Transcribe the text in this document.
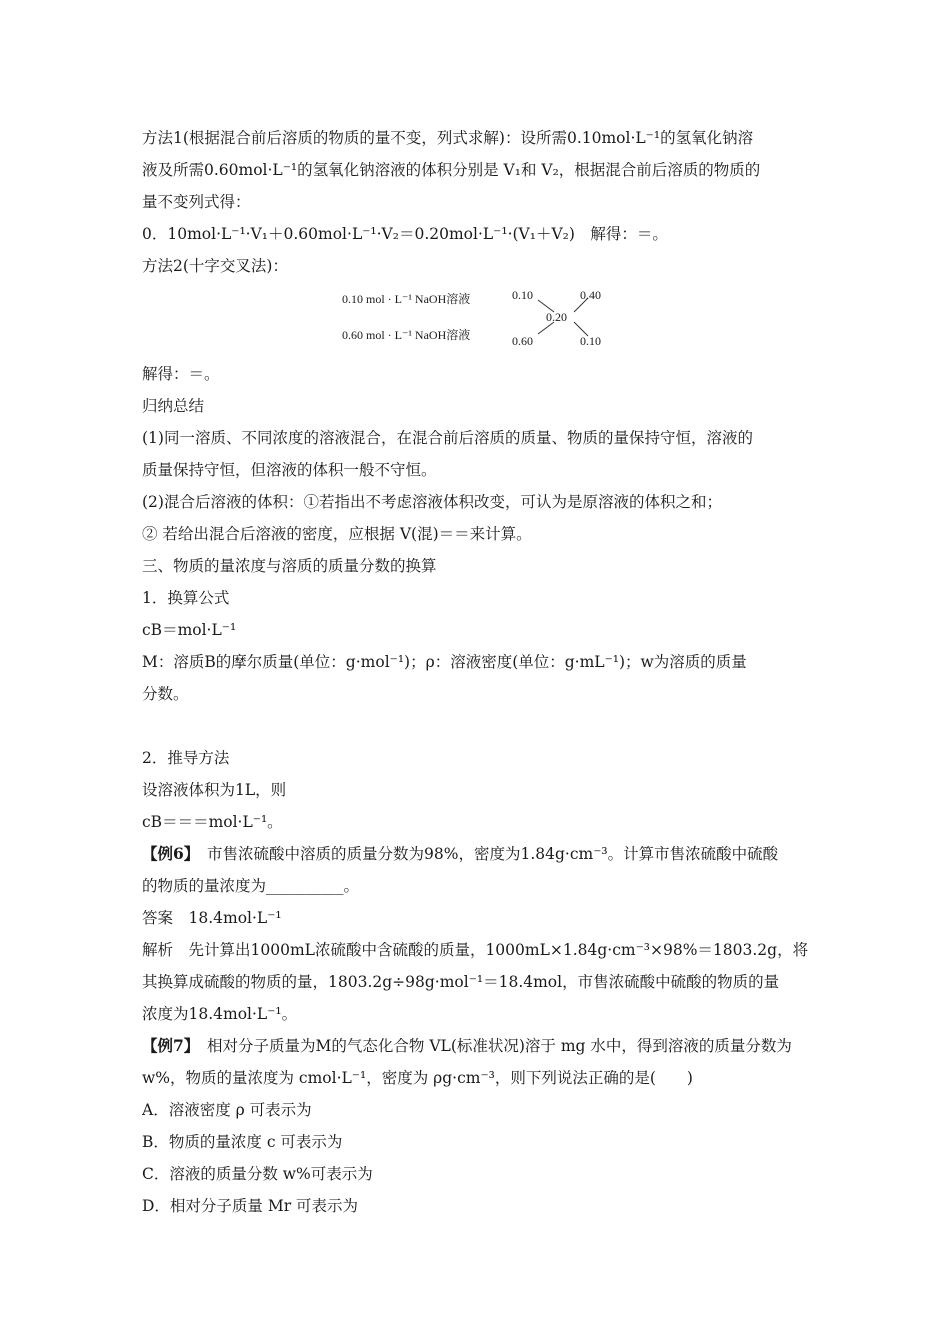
方法1(根据混合前后溶质的物质的量不变，列式求解)：设所需0.10mol·L⁻¹的氢氧化钠溶
液及所需0.60mol·L⁻¹的氢氧化钠溶液的体积分别是 V₁和 V₂，根据混合前后溶质的物质的
量不变列式得：
0．10mol·L⁻¹·V₁＋0.60mol·L⁻¹·V₂＝0.20mol·L⁻¹·(V₁＋V₂)　解得：＝。
方法2(十字交叉法)：
0.10 mol · L⁻¹ NaOH溶液
0.60 mol · L⁻¹ NaOH溶液
0.10	0.40
0.20
0.60	0.10
解得：＝。
归纳总结
(1)同一溶质、不同浓度的溶液混合，在混合前后溶质的质量、物质的量保持守恒，溶液的
质量保持守恒，但溶液的体积一般不守恒。
(2)混合后溶液的体积：①若指出不考虑溶液体积改变，可认为是原溶液的体积之和；
② 若给出混合后溶液的密度，应根据 V(混)＝＝来计算。
三、物质的量浓度与溶质的质量分数的换算
1．换算公式
cB＝mol·L⁻¹
M：溶质B的摩尔质量(单位：g·mol⁻¹)；ρ：溶液密度(单位：g·mL⁻¹)；w为溶质的质量
分数。
2．推导方法
设溶液体积为1L，则
cB＝＝＝mol·L⁻¹。
【例6】　市售浓硫酸中溶质的质量分数为98%，密度为1.84g·cm⁻³。计算市售浓硫酸中硫酸
的物质的量浓度为__________。
答案　18.4mol·L⁻¹
解析　先计算出1000mL浓硫酸中含硫酸的质量，1000mL×1.84g·cm⁻³×98%＝1803.2g，将
其换算成硫酸的物质的量，1803.2g÷98g·mol⁻¹＝18.4mol，市售浓硫酸中硫酸的物质的量
浓度为18.4mol·L⁻¹。
【例7】　相对分子质量为M的气态化合物 VL(标准状况)溶于 mg 水中，得到溶液的质量分数为
w%，物质的量浓度为 cmol·L⁻¹，密度为 ρg·cm⁻³，则下列说法正确的是(　　)
A．溶液密度 ρ 可表示为
B．物质的量浓度 c 可表示为
C．溶液的质量分数 w%可表示为
D．相对分子质量 Mr 可表示为
